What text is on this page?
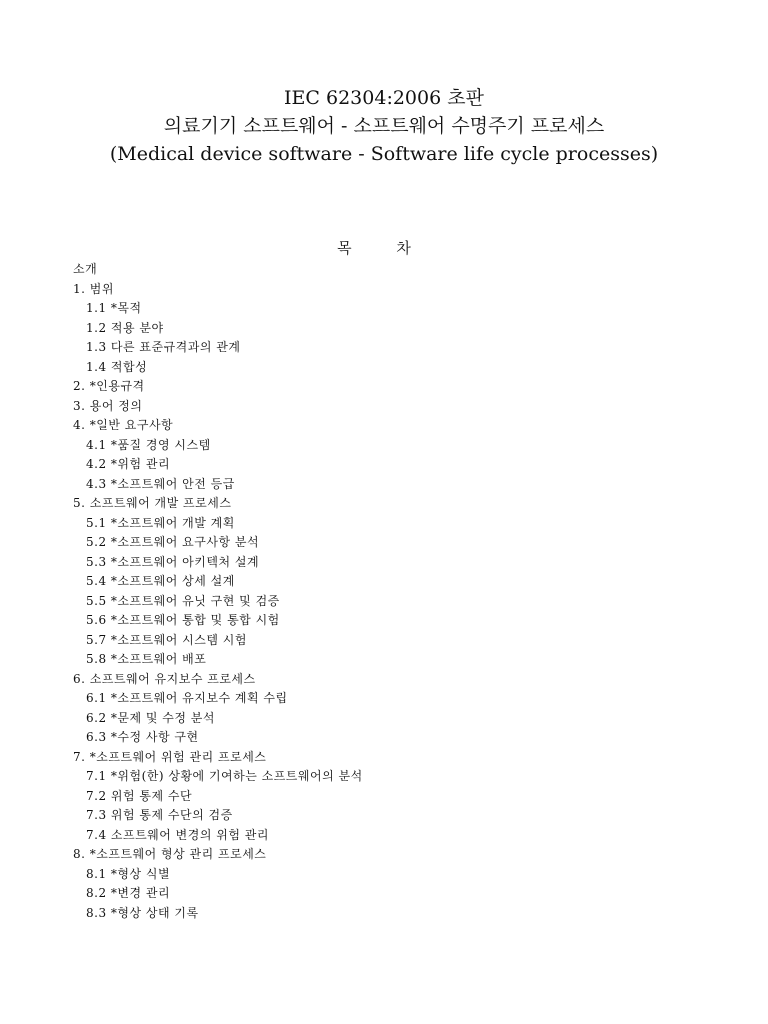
IEC 62304:2006 초판
의료기기 소프트웨어 - 소프트웨어 수명주기 프로세스
(Medical device software - Software life cycle processes)
목 차
소개
1. 범위
1.1 *목적
1.2 적용 분야
1.3 다른 표준규격과의 관계
1.4 적합성
2. *인용규격
3. 용어 정의
4. *일반 요구사항
4.1 *품질 경영 시스템
4.2 *위험 관리
4.3 *소프트웨어 안전 등급
5. 소프트웨어 개발 프로세스
5.1 *소프트웨어 개발 계획
5.2 *소프트웨어 요구사항 분석
5.3 *소프트웨어 아키텍처 설계
5.4 *소프트웨어 상세 설계
5.5 *소프트웨어 유닛 구현 및 검증
5.6 *소프트웨어 통합 및 통합 시험
5.7 *소프트웨어 시스템 시험
5.8 *소프트웨어 배포
6. 소프트웨어 유지보수 프로세스
6.1 *소프트웨어 유지보수 계획 수립
6.2 *문제 및 수정 분석
6.3 *수정 사항 구현
7. *소프트웨어 위험 관리 프로세스
7.1 *위험(한) 상황에 기여하는 소프트웨어의 분석
7.2 위험 통제 수단
7.3 위험 통제 수단의 검증
7.4 소프트웨어 변경의 위험 관리
8. *소프트웨어 형상 관리 프로세스
8.1 *형상 식별
8.2 *변경 관리
8.3 *형상 상태 기록
